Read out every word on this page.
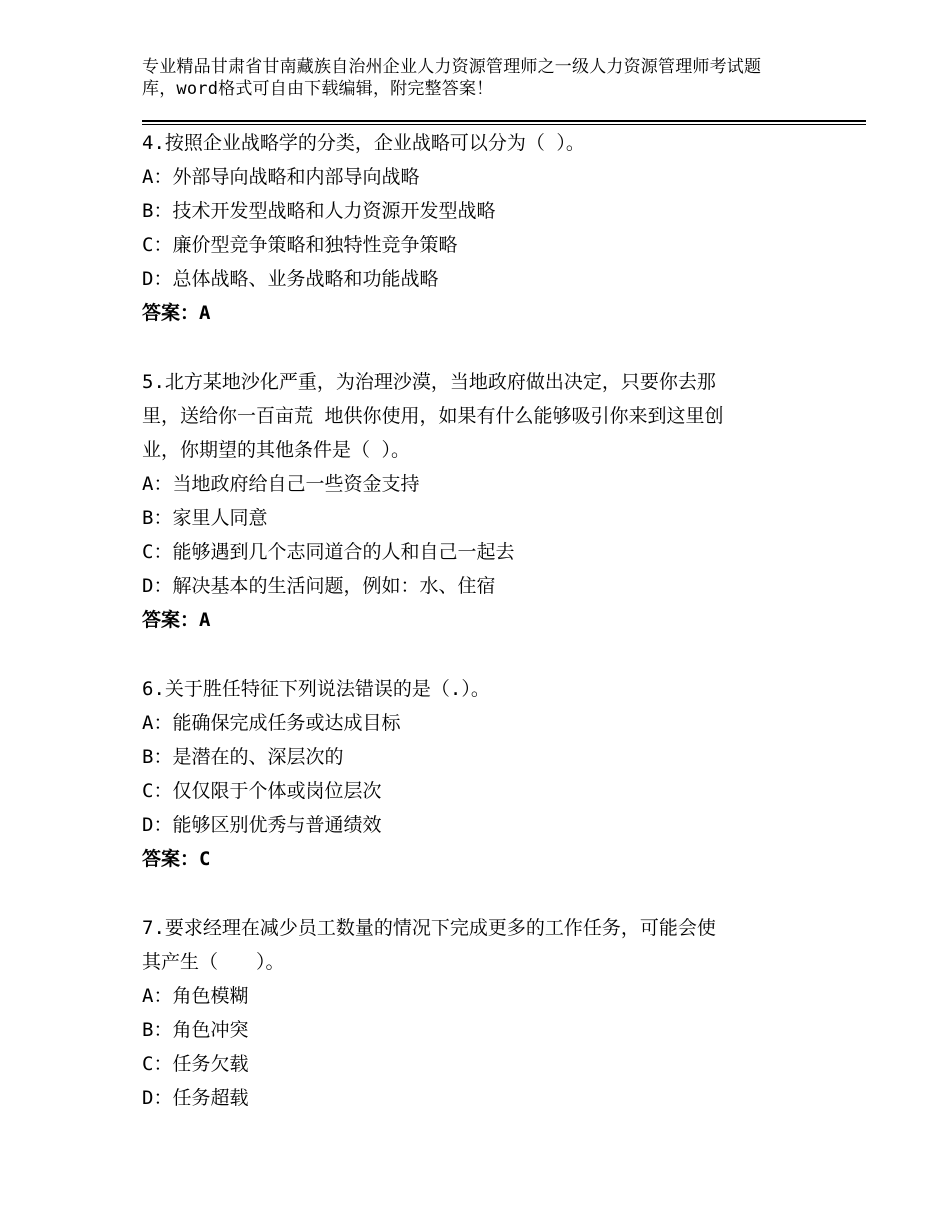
专业精品甘肃省甘南藏族自治州企业人力资源管理师之一级人力资源管理师考试题
库，word格式可自由下载编辑，附完整答案！
4.按照企业战略学的分类，企业战略可以分为（ ）。
A：外部导向战略和内部导向战略
B：技术开发型战略和人力资源开发型战略
C：廉价型竞争策略和独特性竞争策略
D：总体战略、业务战略和功能战略
答案：A
5.北方某地沙化严重，为治理沙漠，当地政府做出决定，只要你去那
里，送给你一百亩荒 地供你使用，如果有什么能够吸引你来到这里创
业，你期望的其他条件是（ ）。
A：当地政府给自己一些资金支持
B：家里人同意
C：能够遇到几个志同道合的人和自己一起去
D：解决基本的生活问题，例如：水、住宿
答案：A
6.关于胜任特征下列说法错误的是（.）。
A：能确保完成任务或达成目标
B：是潜在的、深层次的
C：仅仅限于个体或岗位层次
D：能够区别优秀与普通绩效
答案：C
7.要求经理在减少员工数量的情况下完成更多的工作任务，可能会使
其产生（　　）。
A：角色模糊
B：角色冲突
C：任务欠载
D：任务超载
